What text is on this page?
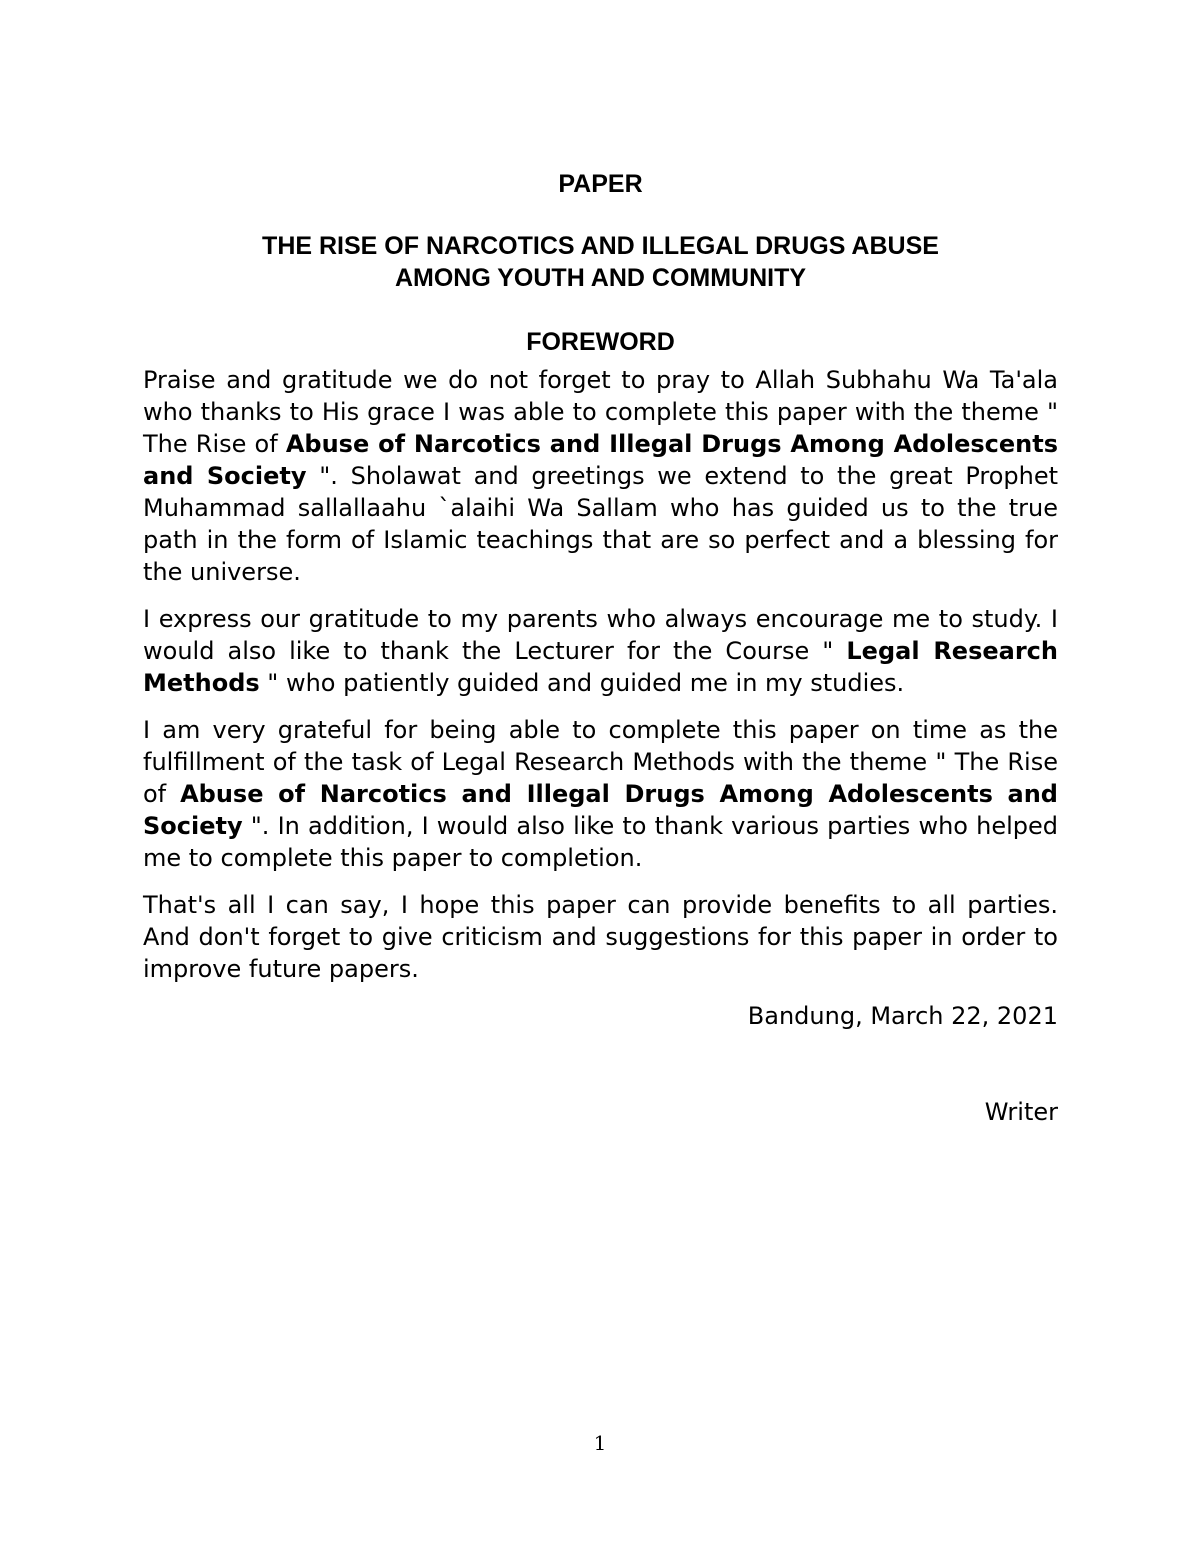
PAPER

THE RISE OF NARCOTICS AND ILLEGAL DRUGS ABUSE
AMONG YOUTH AND COMMUNITY

FOREWORD

Praise and gratitude we do not forget to pray to Allah Subhahu Wa Ta'ala who thanks to His grace I was able to complete this paper with the theme " The Rise of Abuse of Narcotics and Illegal Drugs Among Adolescents and Society ". Sholawat and greetings we extend to the great Prophet Muhammad sallallaahu `alaihi Wa Sallam who has guided us to the true path in the form of Islamic teachings that are so perfect and a blessing for the universe.

I express our gratitude to my parents who always encourage me to study. I would also like to thank the Lecturer for the Course " Legal Research Methods " who patiently guided and guided me in my studies.

I am very grateful for being able to complete this paper on time as the fulfillment of the task of Legal Research Methods with the theme " The Rise of Abuse of Narcotics and Illegal Drugs Among Adolescents and Society ". In addition, I would also like to thank various parties who helped me to complete this paper to completion.

That's all I can say, I hope this paper can provide benefits to all parties. And don't forget to give criticism and suggestions for this paper in order to improve future papers.

Bandung, March 22, 2021

Writer

1
